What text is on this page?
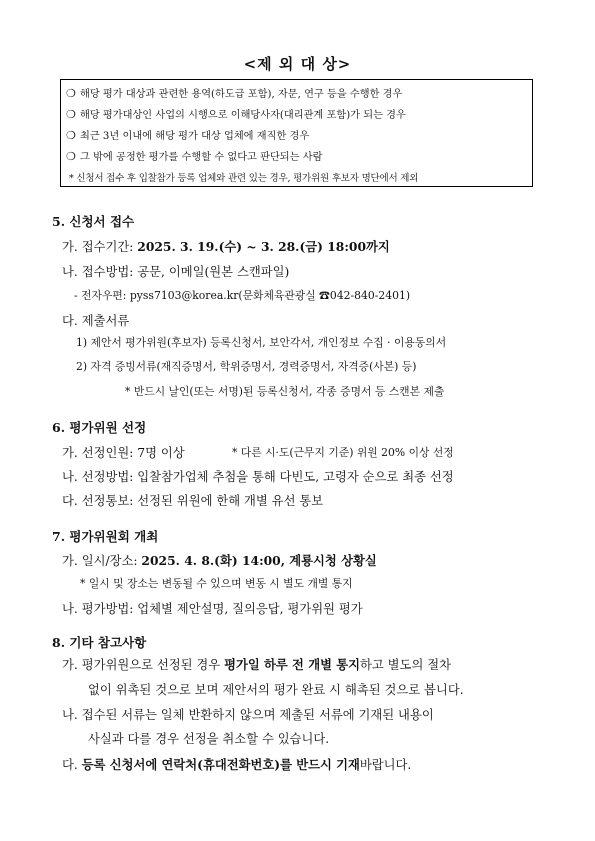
<제 외 대 상>
❍ 해당 평가 대상과 관련한 용역(하도급 포함), 자문, 연구 등을 수행한 경우
❍ 해당 평가대상인 사업의 시행으로 이해당사자(대리관계 포함)가 되는 경우
❍ 최근 3년 이내에 해당 평가 대상 업체에 재직한 경우
❍ 그 밖에 공정한 평가를 수행할 수 없다고 판단되는 사람
* 신청서 접수 후 입찰참가 등록 업체와 관련 있는 경우, 평가위원 후보자 명단에서 제외
5. 신청서 접수
가. 접수기간: 2025. 3. 19.(수) ~ 3. 28.(금) 18:00까지
나. 접수방법: 공문, 이메일(원본 스캔파일)
- 전자우편: pyss7103@korea.kr(문화체육관광실 ☎042-840-2401)
다. 제출서류
1) 제안서 평가위원(후보자) 등록신청서, 보안각서, 개인정보 수집 · 이용동의서
2) 자격 증빙서류(재직증명서, 학위증명서, 경력증명서, 자격증(사본) 등)
* 반드시 날인(또는 서명)된 등록신청서, 각종 증명서 등 스캔본 제출
6. 평가위원 선정
가. 선정인원: 7명 이상	* 다른 시·도(근무지 기준) 위원 20% 이상 선정
나. 선정방법: 입찰참가업체 추첨을 통해 다빈도, 고령자 순으로 최종 선정
다. 선정통보: 선정된 위원에 한해 개별 유선 통보
7. 평가위원회 개최
가. 일시/장소: 2025. 4. 8.(화) 14:00, 계룡시청 상황실
* 일시 및 장소는 변동될 수 있으며 변동 시 별도 개별 통지
나. 평가방법: 업체별 제안설명, 질의응답, 평가위원 평가
8. 기타 참고사항
가. 평가위원으로 선정된 경우 평가일 하루 전 개별 통지하고 별도의 절차
없이 위촉된 것으로 보며 제안서의 평가 완료 시 해촉된 것으로 봅니다.
나. 접수된 서류는 일체 반환하지 않으며 제출된 서류에 기재된 내용이
사실과 다를 경우 선정을 취소할 수 있습니다.
다. 등록 신청서에 연락처(휴대전화번호)를 반드시 기재바랍니다.
